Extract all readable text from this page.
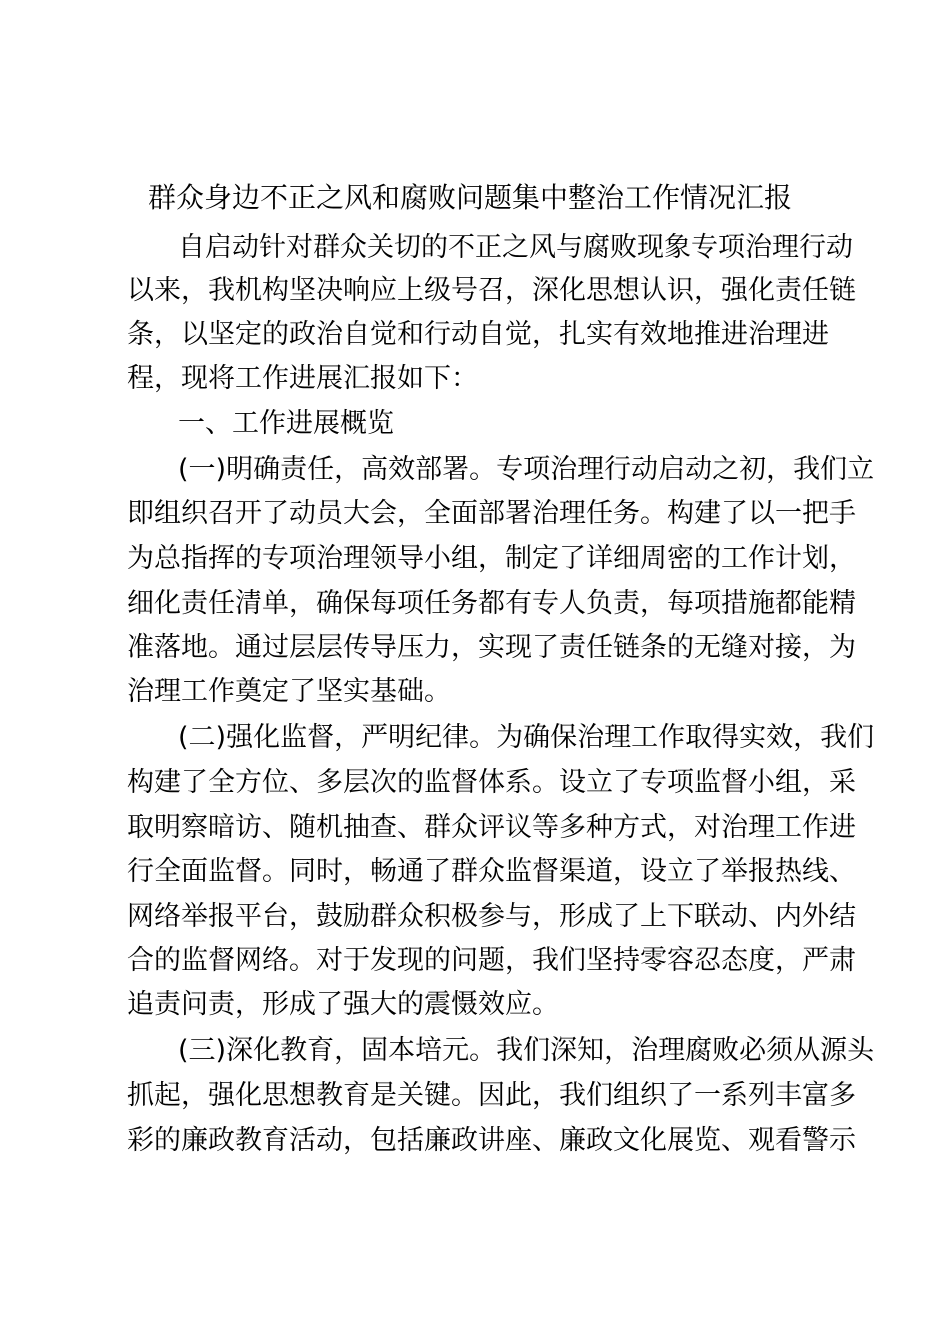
群众身边不正之风和腐败问题集中整治工作情况汇报

自启动针对群众关切的不正之风与腐败现象专项治理行动

以来，我机构坚决响应上级号召，深化思想认识，强化责任链

条，以坚定的政治自觉和行动自觉，扎实有效地推进治理进

程，现将工作进展汇报如下：

一、工作进展概览

(一)明确责任，高效部署。专项治理行动启动之初，我们立

即组织召开了动员大会，全面部署治理任务。构建了以一把手

为总指挥的专项治理领导小组，制定了详细周密的工作计划，

细化责任清单，确保每项任务都有专人负责，每项措施都能精

准落地。通过层层传导压力，实现了责任链条的无缝对接，为

治理工作奠定了坚实基础。

(二)强化监督，严明纪律。为确保治理工作取得实效，我们

构建了全方位、多层次的监督体系。设立了专项监督小组，采

取明察暗访、随机抽查、群众评议等多种方式，对治理工作进

行全面监督。同时，畅通了群众监督渠道，设立了举报热线、

网络举报平台，鼓励群众积极参与，形成了上下联动、内外结

合的监督网络。对于发现的问题，我们坚持零容忍态度，严肃

追责问责，形成了强大的震慑效应。

(三)深化教育，固本培元。我们深知，治理腐败必须从源头

抓起，强化思想教育是关键。因此，我们组织了一系列丰富多

彩的廉政教育活动，包括廉政讲座、廉政文化展览、观看警示
